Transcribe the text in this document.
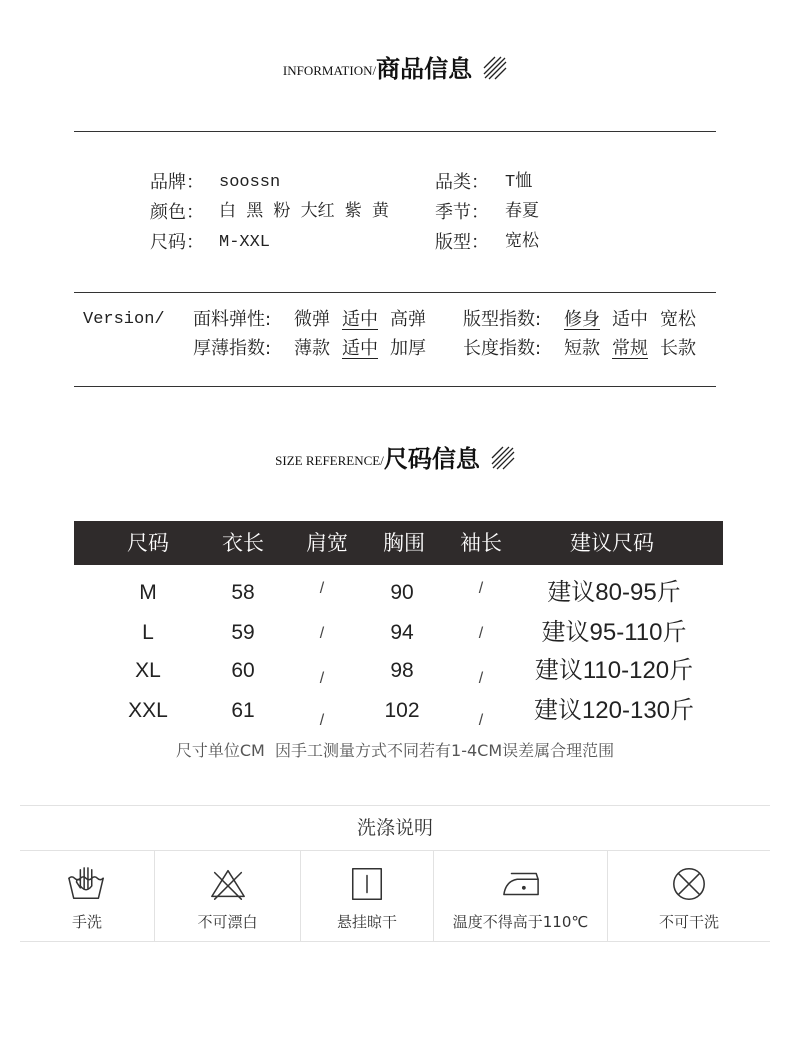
INFORMATION/ 商品信息
品牌： soossn	品类： T恤
颜色： 白 黑 粉 大红 紫 黄	季节： 春夏
尺码： M-XXL	版型： 宽松
Version/ 面料弹性:	微弹 适中 高弹 版型指数:	修身 适中 宽松
厚薄指数:	薄款 适中 加厚 长度指数:	短款 常规 长款
SIZE REFERENCE/ 尺码信息
尺码	衣长	肩宽	胸围	袖长	建议尺码
M	58	/	90	/	建议80-95斤
L	59	/	94	/	建议95-110斤
XL	60	/	98	/	建议110-120斤
XXL	61	/	102	/	建议120-130斤
尺寸单位CM  因手工测量方式不同若有1-4CM误差属合理范围
洗涤说明
手洗	不可漂白	悬挂晾干	温度不得高于110℃	不可干洗
